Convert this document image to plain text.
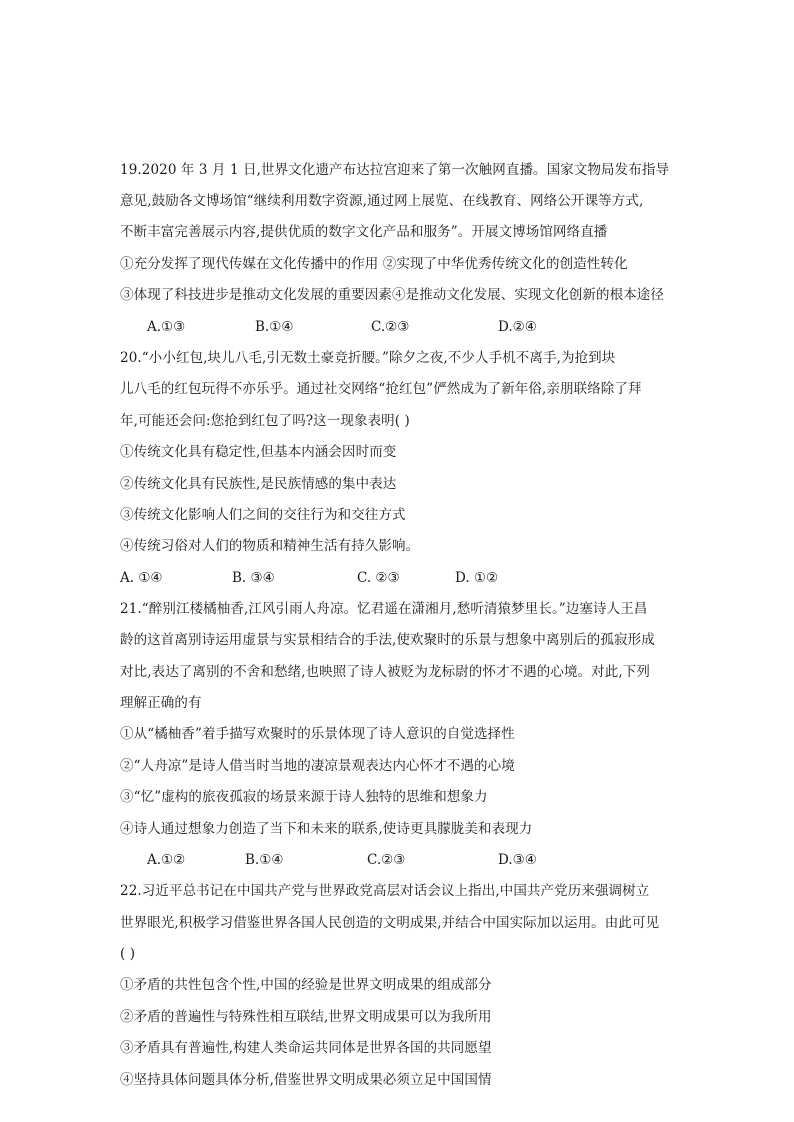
19.2020 年 3 月 1 日,世界文化遗产布达拉宫迎来了第一次触网直播。国家文物局发布指导
意见,鼓励各文博场馆“继续利用数字资源,通过网上展览、在线教育、网络公开课等方式,
不断丰富完善展示内容,提供优质的数字文化产品和服务”。开展文博场馆网络直播
①充分发挥了现代传媒在文化传播中的作用 ②实现了中华优秀传统文化的创造性转化
③体现了科技进步是推动文化发展的重要因素④是推动文化发展、实现文化创新的根本途径
A.①③	B.①④	C.②③	D.②④
20.“小小红包,块儿八毛,引无数土豪竞折腰。”除夕之夜,不少人手机不离手,为抢到块
儿八毛的红包玩得不亦乐乎。通过社交网络“抢红包”俨然成为了新年俗,亲朋联络除了拜
年,可能还会问:您抢到红包了吗?这一现象表明( )
①传统文化具有稳定性,但基本内涵会因时而变
②传统文化具有民族性,是民族情感的集中表达
③传统文化影响人们之间的交往行为和交往方式
④传统习俗对人们的物质和精神生活有持久影响。
A. ①④	B. ③④	C. ②③	D. ①②
21.“醉别江楼橘柚香,江风引雨人舟凉。忆君遥在潇湘月,愁听清猿梦里长。”边塞诗人王昌
龄的这首离别诗运用虚景与实景相结合的手法,使欢聚时的乐景与想象中离别后的孤寂形成
对比,表达了离别的不舍和愁绪,也映照了诗人被贬为龙标尉的怀才不遇的心境。对此,下列
理解正确的有
①从“橘柚香”着手描写欢聚时的乐景体现了诗人意识的自觉选择性
②“人舟凉”是诗人借当时当地的凄凉景观表达内心怀才不遇的心境
③“忆”虚构的旅夜孤寂的场景来源于诗人独特的思维和想象力
④诗人通过想象力创造了当下和未来的联系,使诗更具朦胧美和表现力
A.①②	B.①④	C.②③	D.③④
22.习近平总书记在中国共产党与世界政党高层对话会议上指出,中国共产党历来强调树立
世界眼光,积极学习借鉴世界各国人民创造的文明成果,并结合中国实际加以运用。由此可见
( )
①矛盾的共性包含个性,中国的经验是世界文明成果的组成部分
②矛盾的普遍性与特殊性相互联结,世界文明成果可以为我所用
③矛盾具有普遍性,构建人类命运共同体是世界各国的共同愿望
④坚持具体问题具体分析,借鉴世界文明成果必须立足中国国情
